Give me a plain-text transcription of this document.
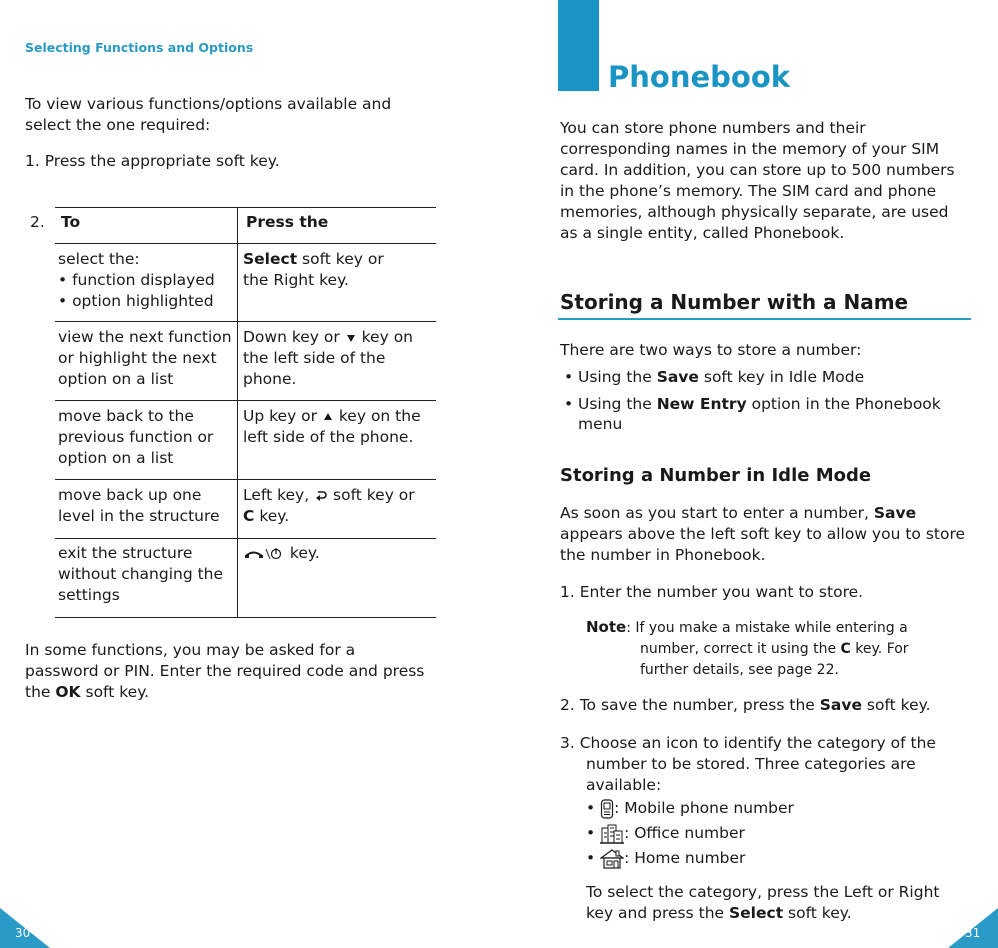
Selecting Functions and Options
To view various functions/options available and
select the one required:
1. Press the appropriate soft key.
2. To	Press the
select the:
• function displayed
• option highlighted
Select soft key or
the Right key.
view the next function
or highlight the next
option on a list
Down key or  key on
the left side of the
phone.
move back to the
previous function or
option on a list
Up key or  key on the
left side of the phone.
move back up one
level in the structure
Left key,  soft key or
C key.
exit the structure
without changing the
settings
key.
In some functions, you may be asked for a
password or PIN. Enter the required code and press
the OK soft key.
30
Phonebook
You can store phone numbers and their
corresponding names in the memory of your SIM
card. In addition, you can store up to 500 numbers
in the phone’s memory. The SIM card and phone
memories, although physically separate, are used
as a single entity, called Phonebook.
Storing a Number with a Name
There are two ways to store a number:
• Using the Save soft key in Idle Mode
• Using the New Entry option in the Phonebook
menu
Storing a Number in Idle Mode
As soon as you start to enter a number, Save
appears above the left soft key to allow you to store
the number in Phonebook.
1. Enter the number you want to store.
Note: If you make a mistake while entering a
number, correct it using the C key. For
further details, see page 22.
2. To save the number, press the Save soft key.
3. Choose an icon to identify the category of the
number to be stored. Three categories are
available:
• : Mobile phone number
• : Office number
• : Home number
To select the category, press the Left or Right
key and press the Select soft key.
31
